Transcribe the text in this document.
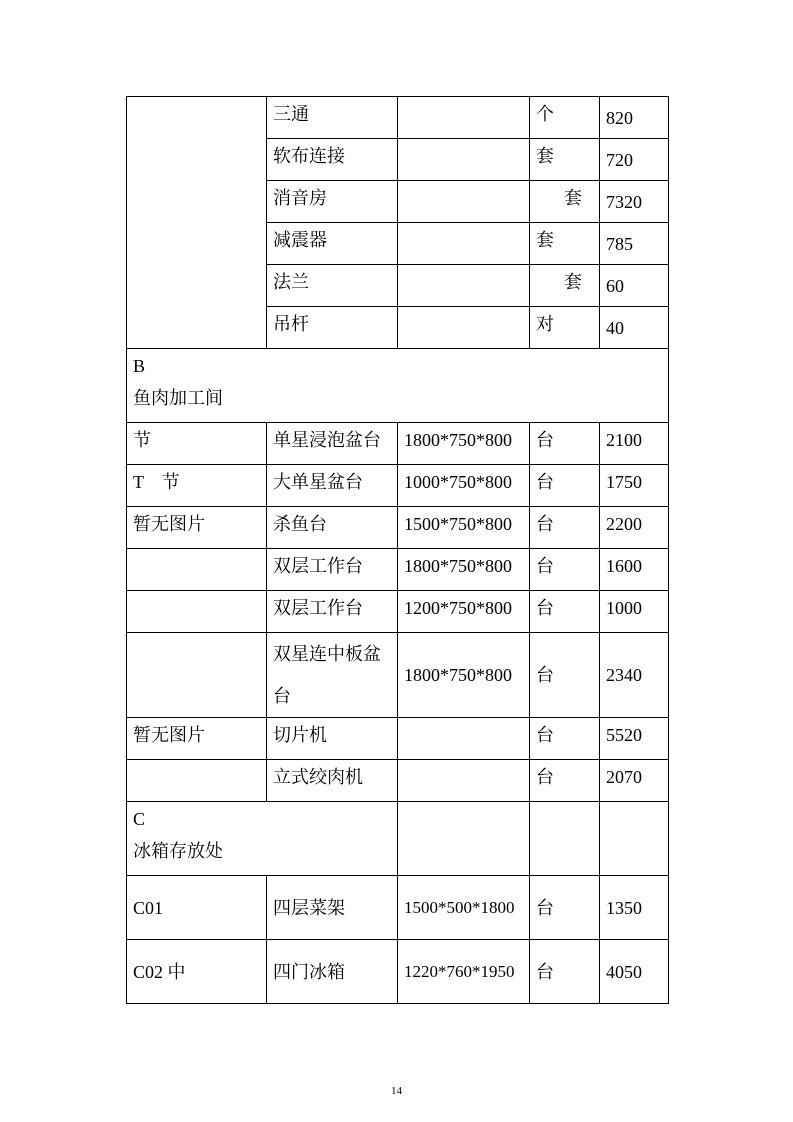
	三通		个	820
	软布连接		套	720
	消音房		套	7320
	减震器		套	785
	法兰		套	60
	吊杆		对	40

B
鱼肉加工间				

节	单星浸泡盆台	1800*750*800	台	2100
T　节	大单星盆台	1000*750*800	台	1750
暂无图片	杀鱼台	1500*750*800	台	2200
	双层工作台	1800*750*800	台	1600
	双层工作台	1200*750*800	台	1000
	双星连中板盆台	1800*750*800	台	2340
暂无图片	切片机		台	5520
	立式绞肉机		台	2070

C
冰箱存放处				

C01	四层菜架	1500*500*1800	台	1350
C02 中	四门冰箱	1220*760*1950	台	4050
14
